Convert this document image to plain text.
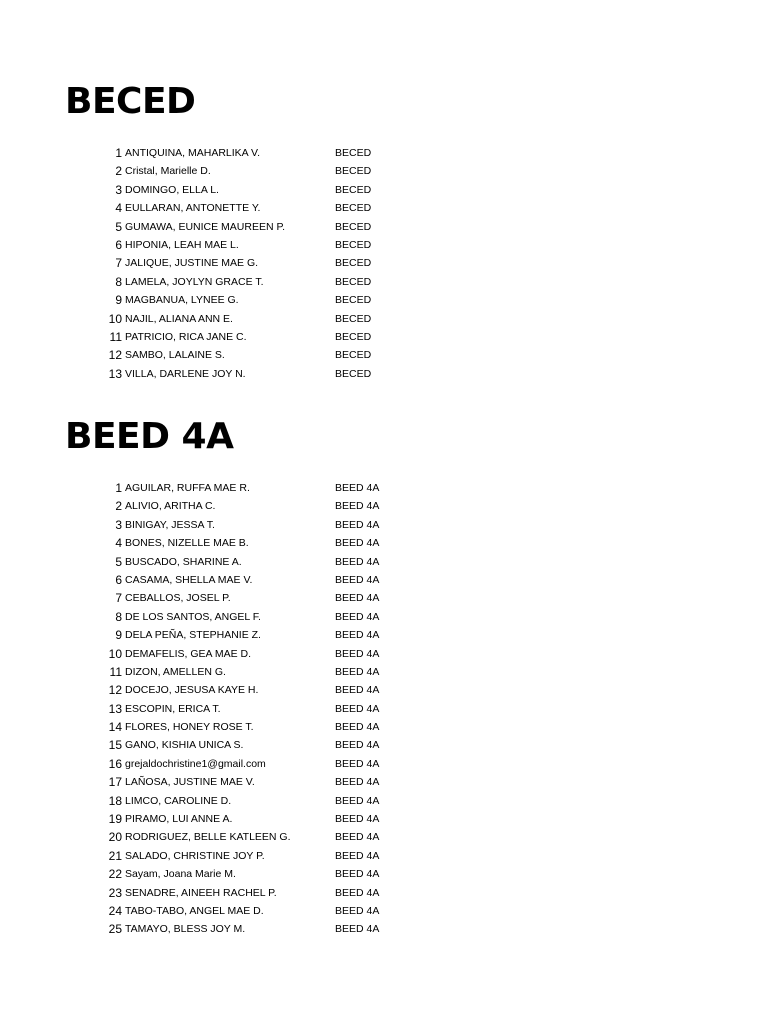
BECED
1 ANTIQUINA, MAHARLIKA V.	BECED
2 Cristal, Marielle D.	BECED
3 DOMINGO, ELLA L.	BECED
4 EULLARAN, ANTONETTE Y.	BECED
5 GUMAWA, EUNICE MAUREEN P.	BECED
6 HIPONIA, LEAH MAE L.	BECED
7 JALIQUE, JUSTINE MAE G.	BECED
8 LAMELA, JOYLYN GRACE T.	BECED
9 MAGBANUA, LYNEE G.	BECED
10 NAJIL, ALIANA ANN E.	BECED
11 PATRICIO, RICA JANE C.	BECED
12 SAMBO, LALAINE S.	BECED
13 VILLA, DARLENE JOY N.	BECED
BEED 4A
1 AGUILAR, RUFFA MAE R.	BEED 4A
2 ALIVIO, ARITHA C.	BEED 4A
3 BINIGAY, JESSA T.	BEED 4A
4 BONES, NIZELLE MAE B.	BEED 4A
5 BUSCADO, SHARINE A.	BEED 4A
6 CASAMA, SHELLA MAE V.	BEED 4A
7 CEBALLOS, JOSEL P.	BEED 4A
8 DE LOS SANTOS, ANGEL F.	BEED 4A
9 DELA PEÑA, STEPHANIE Z.	BEED 4A
10 DEMAFELIS, GEA MAE D.	BEED 4A
11 DIZON, AMELLEN G.	BEED 4A
12 DOCEJO, JESUSA KAYE H.	BEED 4A
13 ESCOPIN, ERICA T.	BEED 4A
14 FLORES, HONEY ROSE T.	BEED 4A
15 GANO, KISHIA UNICA S.	BEED 4A
16 grejaldochristine1@gmail.com	BEED 4A
17 LAÑOSA, JUSTINE MAE V.	BEED 4A
18 LIMCO, CAROLINE D.	BEED 4A
19 PIRAMO, LUI ANNE A.	BEED 4A
20 RODRIGUEZ, BELLE KATLEEN G.	BEED 4A
21 SALADO, CHRISTINE JOY P.	BEED 4A
22 Sayam, Joana Marie M.	BEED 4A
23 SENADRE, AINEEH RACHEL P.	BEED 4A
24 TABO-TABO, ANGEL MAE D.	BEED 4A
25 TAMAYO, BLESS JOY M.	BEED 4A
